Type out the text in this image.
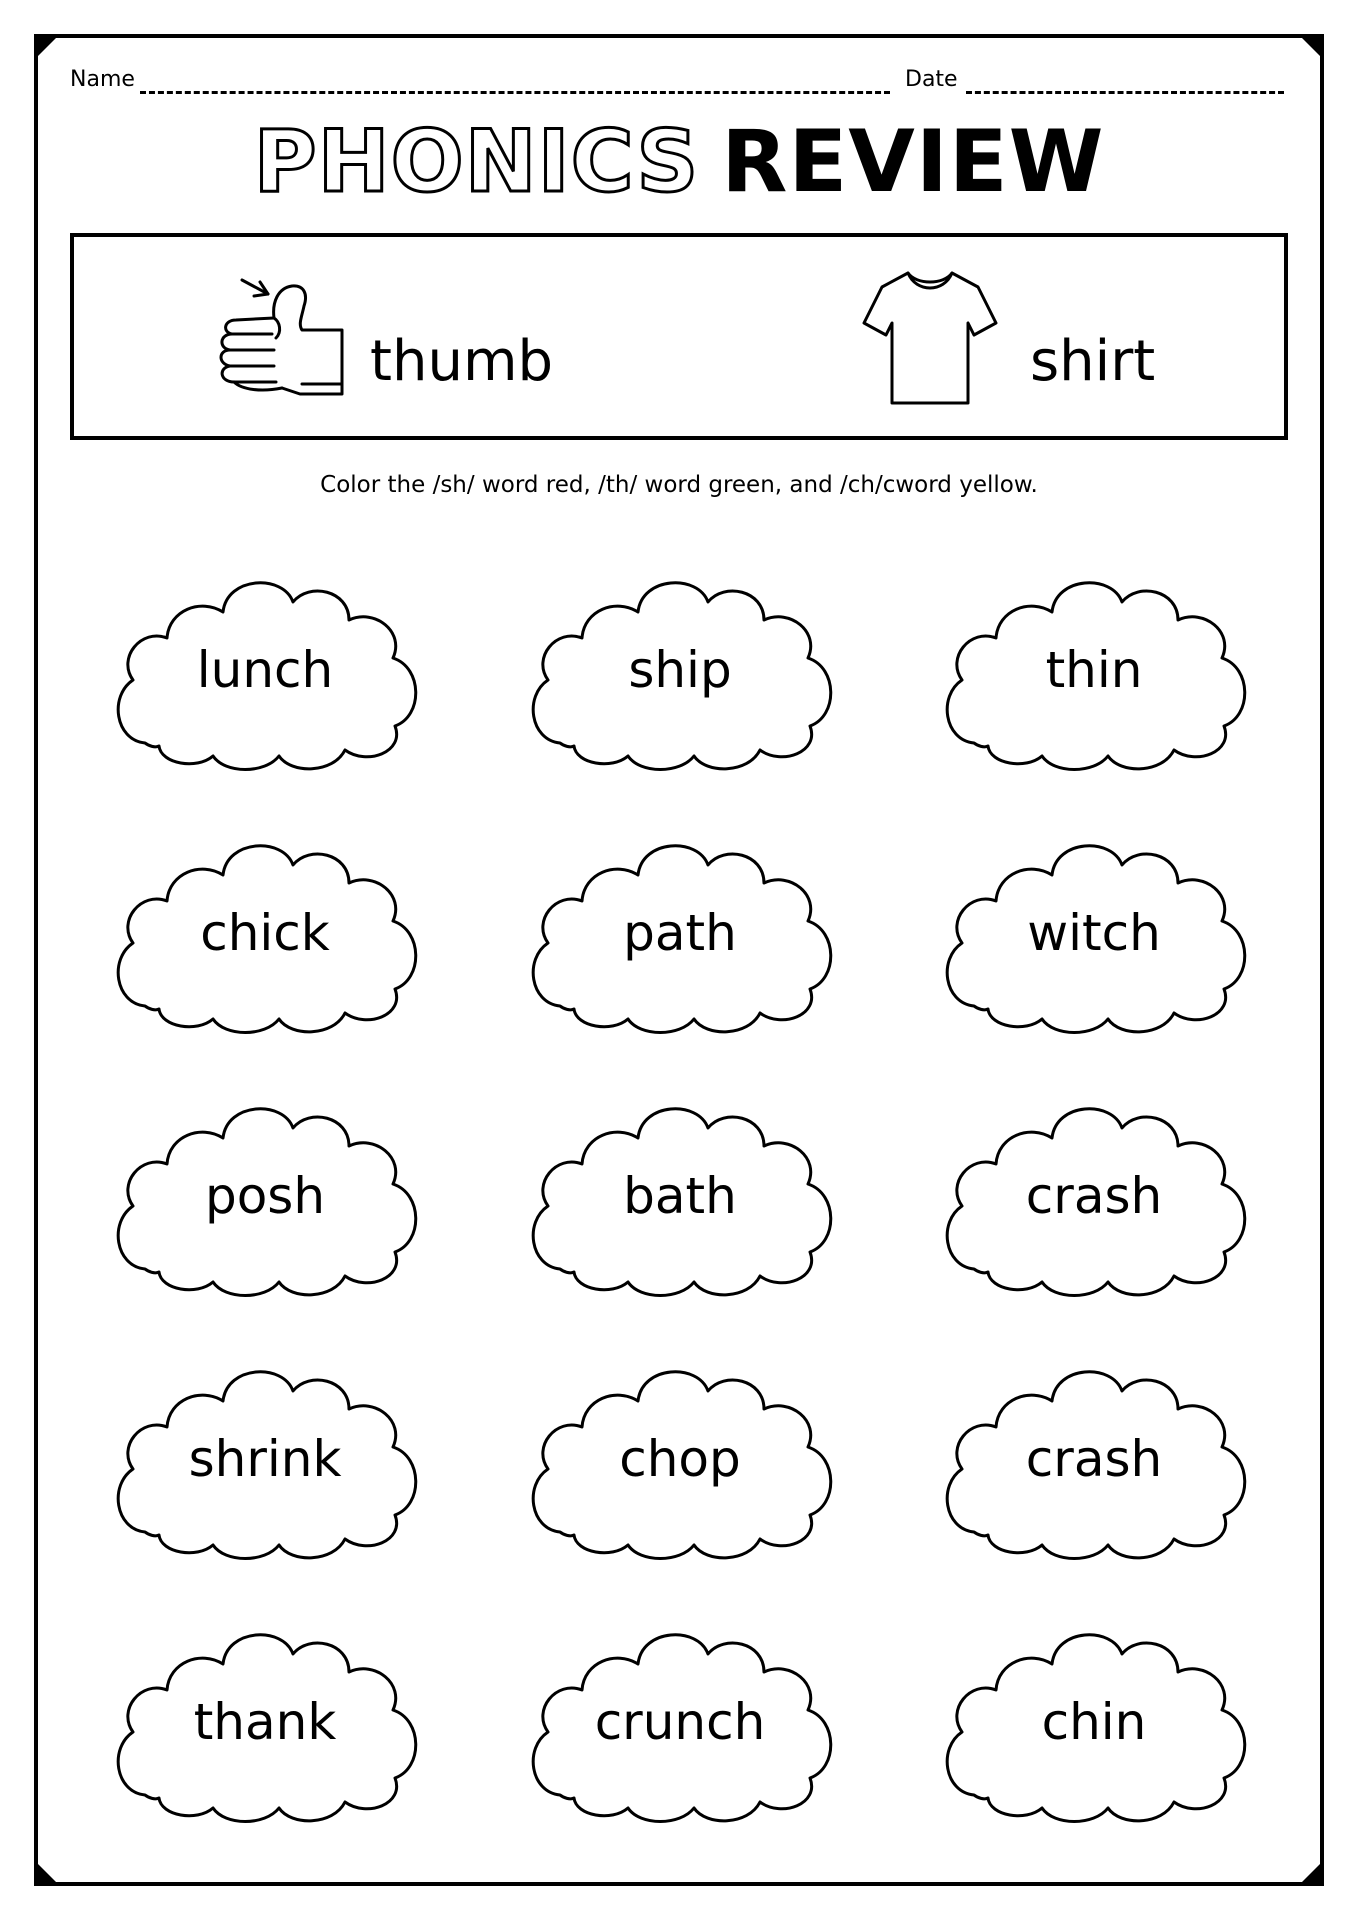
Name	Date
PHONICS REVIEW
thumb	shirt
Color the /sh/ word red, /th/ word green, and /ch/cword yellow.
lunch	ship	thin
chick	path	witch
posh	bath	crash
shrink	chop	crash
thank	crunch	chin
